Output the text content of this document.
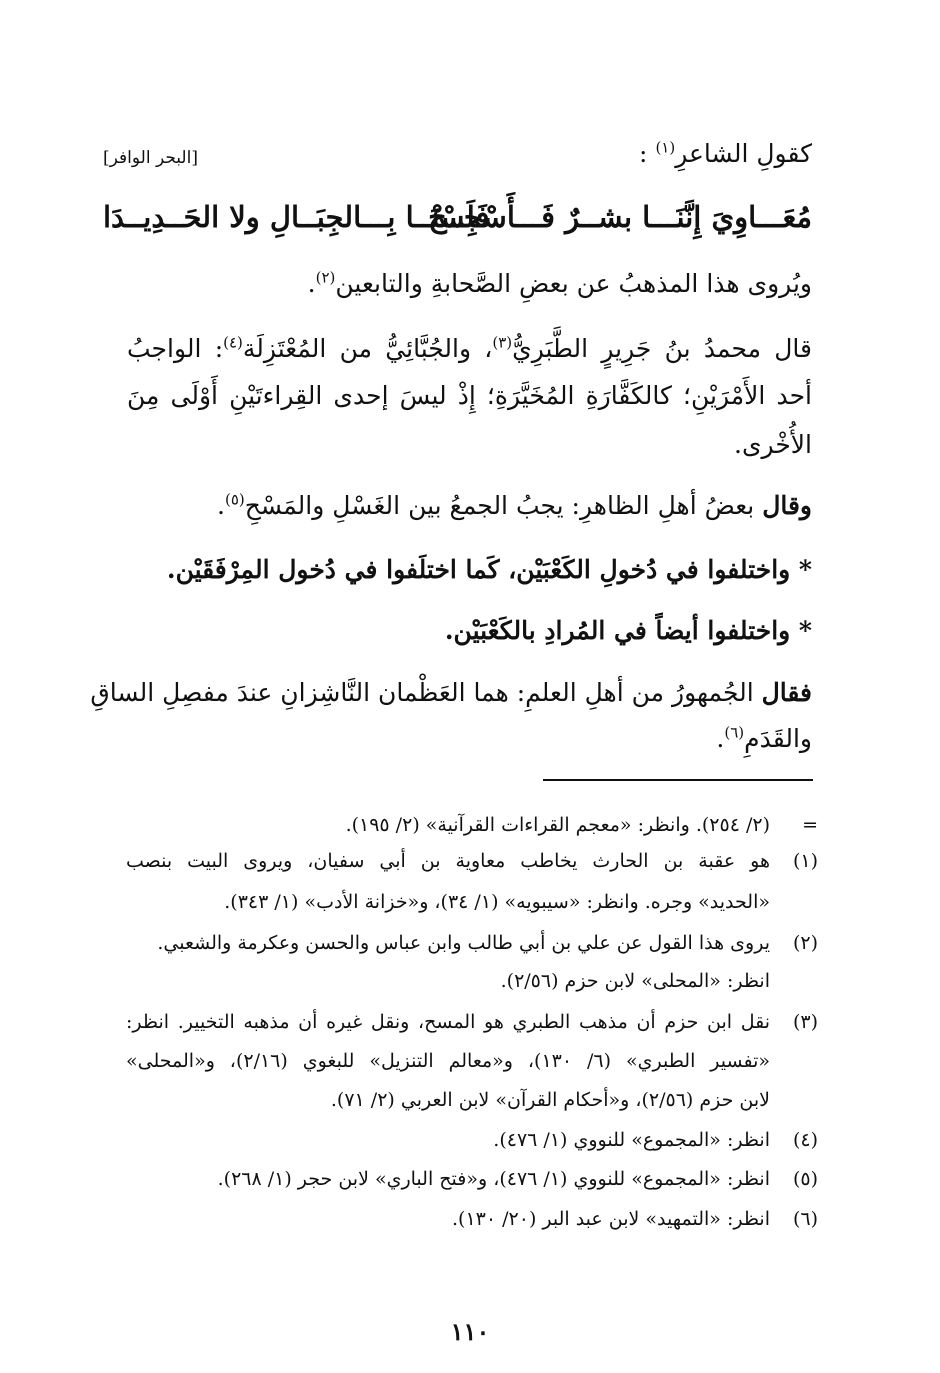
كقولِ الشاعرِ$^{(١)}$ :
[البحر الوافر]
مُعَـــاوِيَ إِنَّنَـــا بشــرٌ فَـــأَسْجِــحْ
فَلَسْنَــا بِـــالجِبَــالِ ولا الحَــدِيــدَا
ويُروى هذا المذهبُ عن بعضِ الصَّحابةِ والتابعين$^{(٢)}$.
قال محمدُ بنُ جَرِيرٍ الطَّبَرِيُّ$^{(٣)}$، والجُبَّائِيُّ من المُعْتَزِلَة$^{(٤)}$: الواجبُ
أحد الأَمْرَيْنِ؛ كالكَفَّارَةِ المُخَيَّرَةِ؛ إِذْ ليسَ إحدى القِراءتَيْنِ أَوْلَى مِنَ
الأُخْرى.
وقال بعضُ أهلِ الظاهرِ: يجبُ الجمعُ بين الغَسْلِ والمَسْحِ$^{(٥)}$.
* واختلفوا في دُخولِ الكَعْبَيْن، كَما اختلَفوا في دُخول المِرْفَقَيْن.
* واختلفوا أيضاً في المُرادِ بالكَعْبَيْن.
فقال الجُمهورُ من أهلِ العلمِ: هما العَظْمان النَّاشِزانِ عندَ مفصِلِ الساقِ
والقَدَمِ$^{(٦)}$.
=
(٢/ ٢٥٤). وانظر: «معجم القراءات القرآنية» (٢/ ١٩٥).
(١)
هو عقبة بن الحارث يخاطب معاوية بن أبي سفيان، ويروى البيت بنصب
«الحديد» وجره. وانظر: «سيبويه» (١/ ٣٤)، و«خزانة الأدب» (١/ ٣٤٣).
(٢)
يروى هذا القول عن علي بن أبي طالب وابن عباس والحسن وعكرمة والشعبي.
انظر: «المحلى» لابن حزم (٢/٥٦).
(٣)
نقل ابن حزم أن مذهب الطبري هو المسح، ونقل غيره أن مذهبه التخيير. انظر:
«تفسير الطبري» (٦/ ١٣٠)، و«معالم التنزيل» للبغوي (٢/١٦)، و«المحلى»
لابن حزم (٢/٥٦)، و«أحكام القرآن» لابن العربي (٢/ ٧١).
(٤)
انظر: «المجموع» للنووي (١/ ٤٧٦).
(٥)
انظر: «المجموع» للنووي (١/ ٤٧٦)، و«فتح الباري» لابن حجر (١/ ٢٦٨).
(٦)
انظر: «التمهيد» لابن عبد البر (٢٠/ ١٣٠).
١١٠
